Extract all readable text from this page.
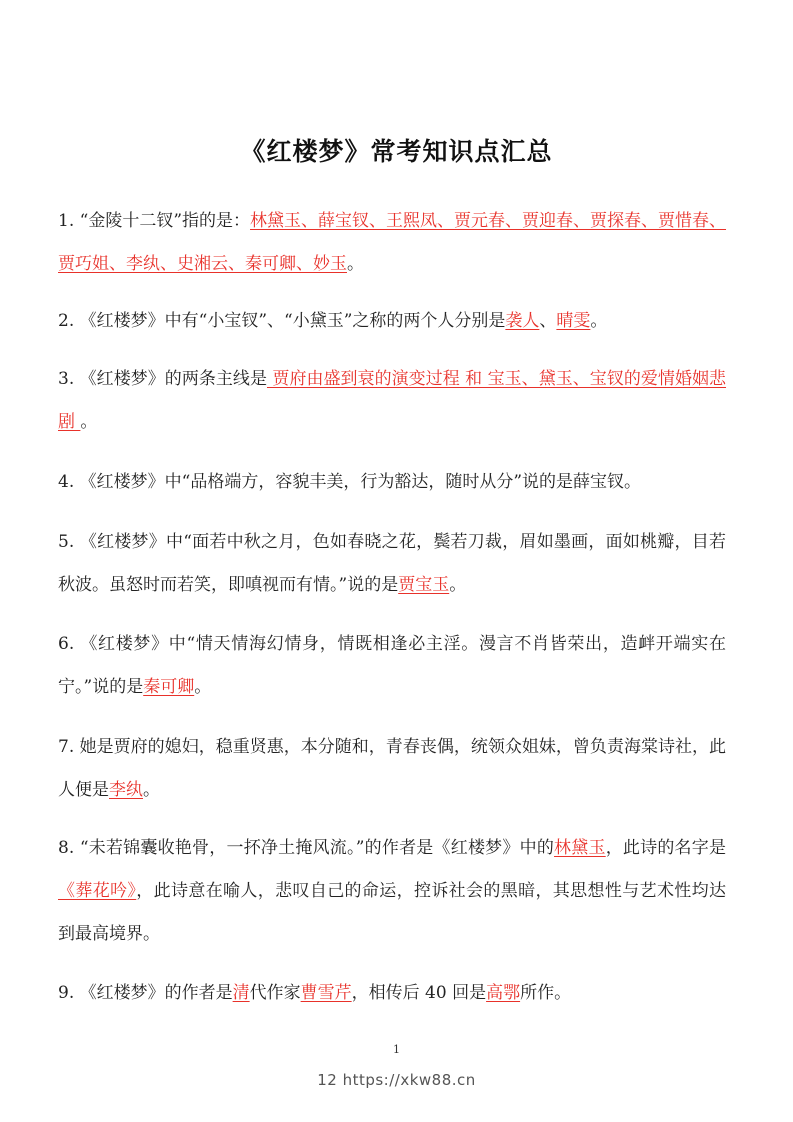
《红楼梦》常考知识点汇总
1. “金陵十二钗”指的是：林黛玉、薛宝钗、王熙凤、贾元春、贾迎春、贾探春、贾惜春、贾巧姐、李纨、史湘云、秦可卿、妙玉。
2. 《红楼梦》中有“小宝钗”、“小黛玉”之称的两个人分别是袭人、晴雯。
3. 《红楼梦》的两条主线是 贾府由盛到衰的演变过程 和 宝玉、黛玉、宝钗的爱情婚姻悲剧 。
4. 《红楼梦》中“品格端方，容貌丰美，行为豁达，随时从分”说的是薛宝钗。
5. 《红楼梦》中“面若中秋之月，色如春晓之花，鬓若刀裁，眉如墨画，面如桃瓣，目若秋波。虽怒时而若笑，即嗔视而有情。”说的是贾宝玉。
6. 《红楼梦》中“情天情海幻情身，情既相逢必主淫。漫言不肖皆荣出，造衅开端实在宁。”说的是秦可卿。
7. 她是贾府的媳妇，稳重贤惠，本分随和，青春丧偶，统领众姐妹，曾负责海棠诗社，此人便是李纨。
8. “未若锦囊收艳骨，一抔净土掩风流。”的作者是《红楼梦》中的林黛玉，此诗的名字是《葬花吟》，此诗意在喻人，悲叹自己的命运，控诉社会的黑暗，其思想性与艺术性均达到最高境界。
9. 《红楼梦》的作者是清代作家曹雪芹，相传后 40 回是高鄂所作。
1
12 https://xkw88.cn
